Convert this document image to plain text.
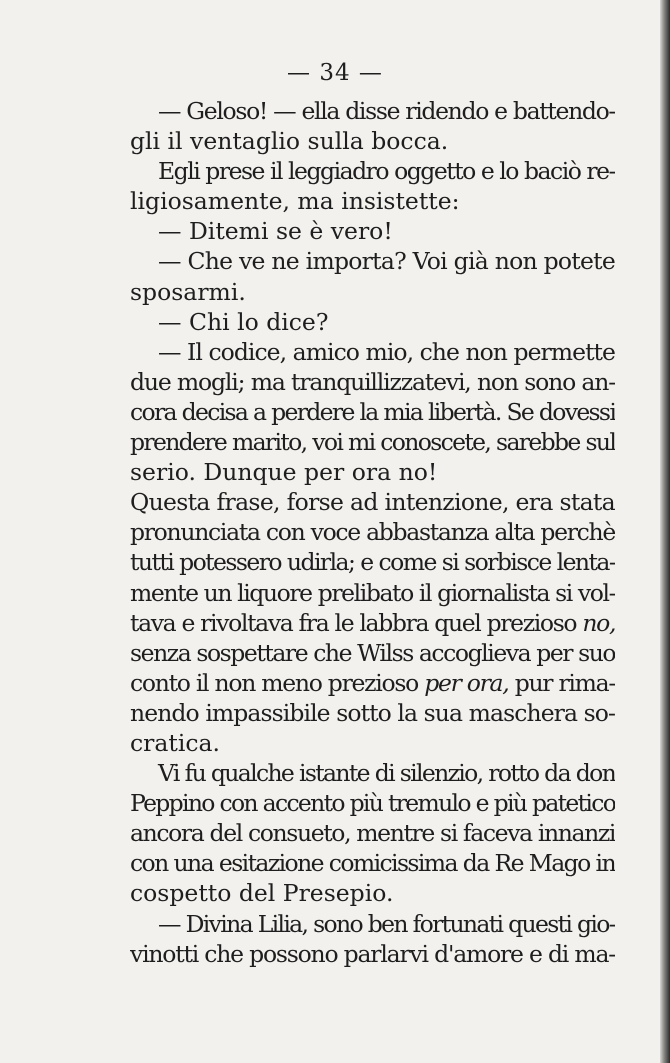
— 34 —
— Geloso! — ella disse ridendo e battendo-
gli il ventaglio sulla bocca.
Egli prese il leggiadro oggetto e lo baciò re-
ligiosamente, ma insistette:
— Ditemi se è vero!
— Che ve ne importa? Voi già non potete
sposarmi.
— Chi lo dice?
— Il codice, amico mio, che non permette
due mogli; ma tranquillizzatevi, non sono an-
cora decisa a perdere la mia libertà. Se dovessi
prendere marito, voi mi conoscete, sarebbe sul
serio. Dunque per ora no!
Questa frase, forse ad intenzione, era stata
pronunciata con voce abbastanza alta perchè
tutti potessero udirla; e come si sorbisce lenta-
mente un liquore prelibato il giornalista si vol-
tava e rivoltava fra le labbra quel prezioso no,
senza sospettare che Wilss accoglieva per suo
conto il non meno prezioso per ora, pur rima-
nendo impassibile sotto la sua maschera so-
cratica.
Vi fu qualche istante di silenzio, rotto da don
Peppino con accento più tremulo e più patetico
ancora del consueto, mentre si faceva innanzi
con una esitazione comicissima da Re Mago in
cospetto del Presepio.
— Divina Lilia, sono ben fortunati questi gio-
vinotti che possono parlarvi d'amore e di ma-
